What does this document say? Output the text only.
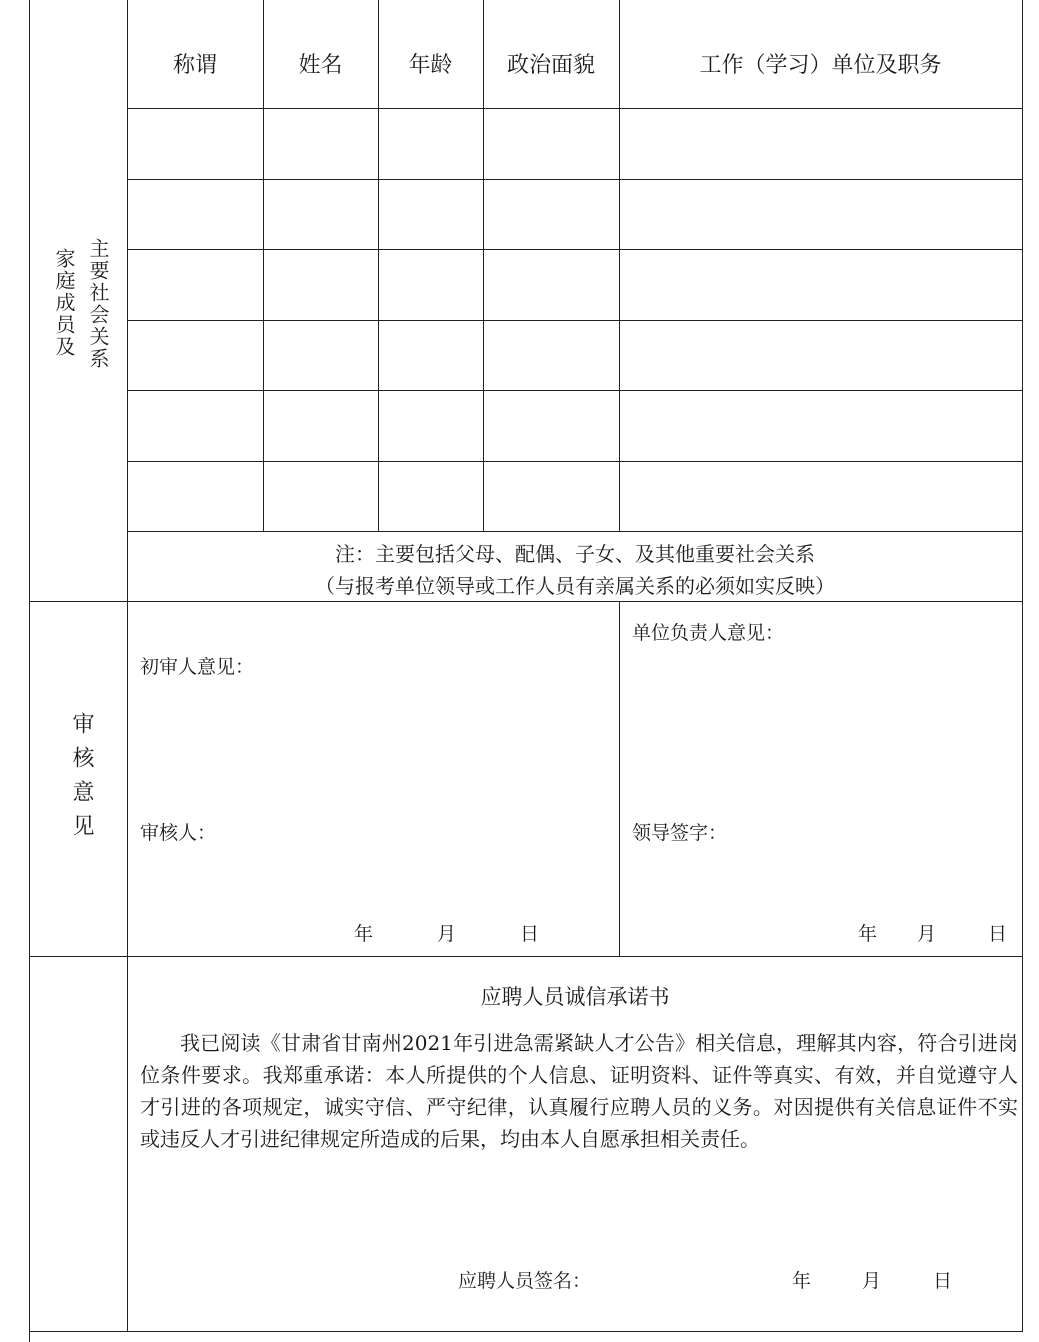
家庭成员及 主要社会关系
称谓	姓名	年龄	政治面貌	工作（学习）单位及职务
注：主要包括父母、配偶、子女、及其他重要社会关系
（与报考单位领导或工作人员有亲属关系的必须如实反映）
审核意见
初审人意见：
审核人：
年	月	日
单位负责人意见：
领导签字：
年 月	日
应聘人员诚信承诺书
我已阅读《甘肃省甘南州2021年引进急需紧缺人才公告》相关信息，理解其内容，符合引进岗位条件要求。我郑重承诺：本人所提供的个人信息、证明资料、证件等真实、有效，并自觉遵守人才引进的各项规定，诚实守信、严守纪律，认真履行应聘人员的义务。对因提供有关信息证件不实或违反人才引进纪律规定所造成的后果，均由本人自愿承担相关责任。
应聘人员签名：	年	月	日
